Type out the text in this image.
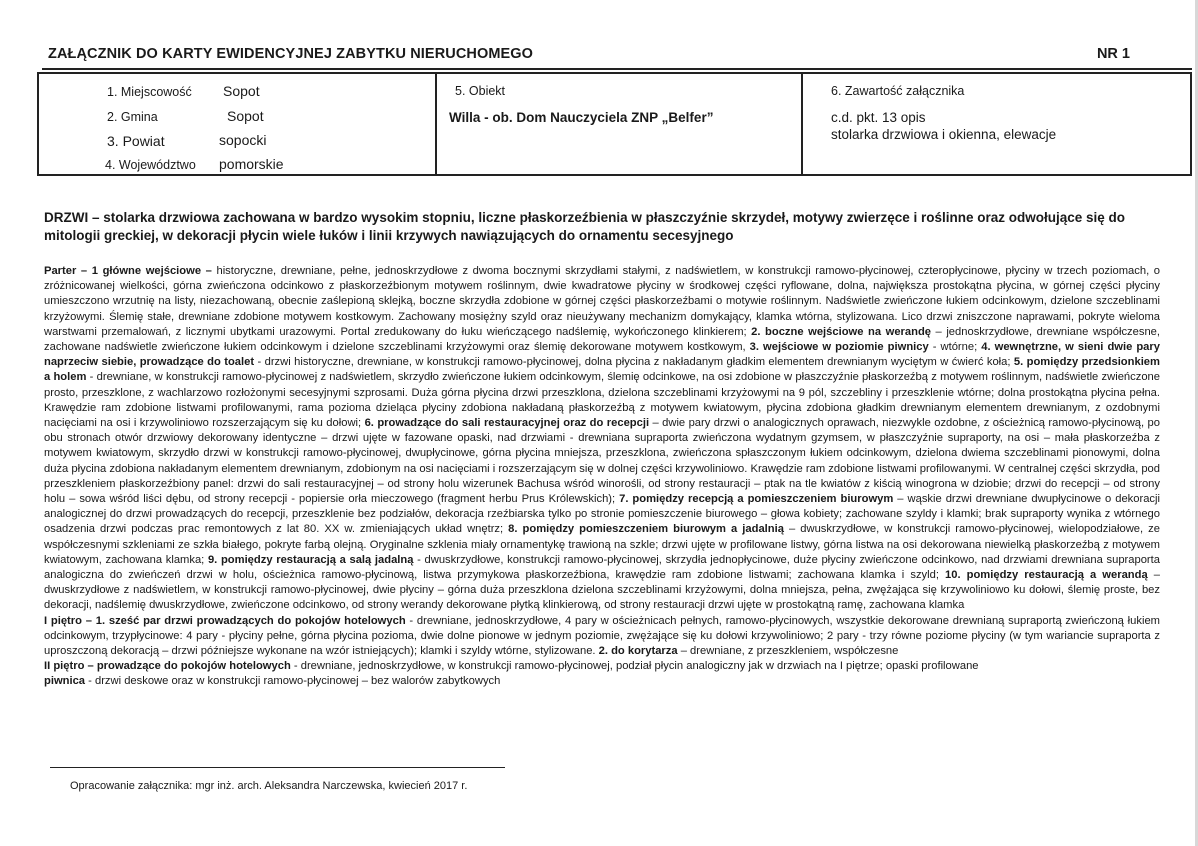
ZAŁĄCZNIK DO KARTY EWIDENCYJNEJ ZABYTKU NIERUCHOMEGO	NR 1
1. Miejscowość Sopot
2. Gmina	Sopot
3. Powiat	sopocki
4. Województwo pomorskie
5. Obiekt
Willa - ob. Dom Nauczyciela ZNP „Belfer”
6. Zawartość załącznika
c.d. pkt. 13 opis
stolarka drzwiowa i okienna, elewacje
DRZWI – stolarka drzwiowa zachowana w bardzo wysokim stopniu, liczne płaskorzeźbienia w płaszczyźnie skrzydeł, motywy zwierzęce i roślinne oraz odwołujące się do mitologii greckiej, w dekoracji płycin wiele łuków i linii krzywych nawiązujących do ornamentu secesyjnego

Parter – 1 główne wejściowe – historyczne, drewniane, pełne, jednoskrzydłowe z dwoma bocznymi skrzydłami stałymi, z nadświetlem, w konstrukcji ramowo-płycinowej, czteropłycinowe, płyciny w trzech poziomach, o zróżnicowanej wielkości, górna zwieńczona odcinkowo z płaskorzeźbionym motywem roślinnym, dwie kwadratowe płyciny w środkowej części ryflowane, dolna, największa prostokątna płycina, w górnej części płyciny umieszczono wrzutnię na listy, niezachowaną, obecnie zaślepioną sklejką, boczne skrzydła zdobione w górnej części płaskorzeźbami o motywie roślinnym. Nadświetle zwieńczone łukiem odcinkowym, dzielone szczeblinami krzyżowymi. Ślemię stałe, drewniane zdobione motywem kostkowym. Zachowany mosiężny szyld oraz nieużywany mechanizm domykający, klamka wtórna, stylizowana. Lico drzwi zniszczone naprawami, pokryte wieloma warstwami przemalowań, z licznymi ubytkami urazowymi. Portal zredukowany do łuku wieńczącego nadślemię, wykończonego klinkierem; 2. boczne wejściowe na werandę – jednoskrzydłowe, drewniane współczesne, zachowane nadświetle zwieńczone łukiem odcinkowym i dzielone szczeblinami krzyżowymi oraz ślemię dekorowane motywem kostkowym, 3. wejściowe w poziomie piwnicy - wtórne; 4. wewnętrzne, w sieni dwie pary naprzeciw siebie, prowadzące do toalet - drzwi historyczne, drewniane, w konstrukcji ramowo-płycinowej, dolna płycina z nakładanym gładkim elementem drewnianym wyciętym w ćwierć koła; 5. pomiędzy przedsionkiem a holem - drewniane, w konstrukcji ramowo-płycinowej z nadświetlem, skrzydło zwieńczone łukiem odcinkowym, ślemię odcinkowe, na osi zdobione w płaszczyźnie płaskorzeźbą z motywem roślinnym, nadświetle zwieńczone prosto, przeszklone, z wachlarzowo rozłożonymi secesyjnymi szprosami. Duża górna płycina drzwi przeszklona, dzielona szczeblinami krzyżowymi na 9 pól, szczebliny i przeszklenie wtórne; dolna prostokątna płycina pełna. Krawędzie ram zdobione listwami profilowanymi, rama pozioma dzieląca płyciny zdobiona nakładaną płaskorzeźbą z motywem kwiatowym, płycina zdobiona gładkim drewnianym elementem drewnianym, z ozdobnymi nacięciami na osi i krzywoliniowo rozszerzającym się ku dołowi; 6. prowadzące do sali restauracyjnej oraz do recepcji – dwie pary drzwi o analogicznych oprawach, niezwykle ozdobne, z ościeżnicą ramowo-płycinową, po obu stronach otwór drzwiowy dekorowany identyczne – drzwi ujęte w fazowane opaski, nad drzwiami - drewniana supraporta zwieńczona wydatnym gzymsem, w płaszczyźnie supraporty, na osi – mała płaskorzeźba z motywem kwiatowym, skrzydło drzwi w konstrukcji ramowo-płycinowej, dwupłycinowe, górna płycina mniejsza, przeszklona, zwieńczona spłaszczonym łukiem odcinkowym, dzielona dwiema szczeblinami pionowymi, dolna duża płycina zdobiona nakładanym elementem drewnianym, zdobionym na osi nacięciami i rozszerzającym się w dolnej części krzywoliniowo. Krawędzie ram zdobione listwami profilowanymi. W centralnej części skrzydła, pod przeszkleniem płaskorzeźbiony panel: drzwi do sali restauracyjnej – od strony holu wizerunek Bachusa wśród winorośli, od strony restauracji – ptak na tle kwiatów z kiścią winogrona w dziobie; drzwi do recepcji – od strony holu – sowa wśród liści dębu, od strony recepcji - popiersie orła mieczowego (fragment herbu Prus Królewskich); 7. pomiędzy recepcją a pomieszczeniem biurowym – wąskie drzwi drewniane dwupłycinowe o dekoracji analogicznej do drzwi prowadzących do recepcji, przeszklenie bez podziałów, dekoracja rzeźbiarska tylko po stronie pomieszczenie biurowego – głowa kobiety; zachowane szyldy i klamki; brak supraporty wynika z wtórnego osadzenia drzwi podczas prac remontowych z lat 80. XX w. zmieniających układ wnętrz; 8. pomiędzy pomieszczeniem biurowym a jadalnią – dwuskrzydłowe, w konstrukcji ramowo-płycinowej, wielopodziałowe, ze współczesnymi szkleniami ze szkła białego, pokryte farbą olejną. Oryginalne szklenia miały ornamentykę trawioną na szkle; drzwi ujęte w profilowane listwy, górna listwa na osi dekorowana niewielką płaskorzeźbą z motywem kwiatowym, zachowana klamka; 9. pomiędzy restauracją a salą jadalną - dwuskrzydłowe, konstrukcji ramowo-płycinowej, skrzydła jednopłycinowe, duże płyciny zwieńczone odcinkowo, nad drzwiami drewniana supraporta analogiczna do zwieńczeń drzwi w holu, ościeżnica ramowo-płycinową, listwa przymykowa płaskorzeźbiona, krawędzie ram zdobione listwami; zachowana klamka i szyld; 10. pomiędzy restauracją a werandą – dwuskrzydłowe z nadświetlem, w konstrukcji ramowo-płycinowej, dwie płyciny – górna duża przeszklona dzielona szczeblinami krzyżowymi, dolna mniejsza, pełna, zwężająca się krzywoliniowo ku dołowi, ślemię proste, bez dekoracji, nadślemię dwuskrzydłowe, zwieńczone odcinkowo, od strony werandy dekorowane płytką klinkierową, od strony restauracji drzwi ujęte w prostokątną ramę, zachowana klamka

I piętro – 1. sześć par drzwi prowadzących do pokojów hotelowych - drewniane, jednoskrzydłowe, 4 pary w ościeżnicach pełnych, ramowo-płycinowych, wszystkie dekorowane drewnianą supraportą zwieńczoną łukiem odcinkowym, trzypłycinowe: 4 pary - płyciny pełne, górna płycina pozioma, dwie dolne pionowe w jednym poziomie, zwężające się ku dołowi krzywoliniowo; 2 pary - trzy równe poziome płyciny (w tym wariancie supraporta z uproszczoną dekoracją – drzwi późniejsze wykonane na wzór istniejących); klamki i szyldy wtórne, stylizowane. 2. do korytarza – drewniane, z przeszkleniem, współczesne

II piętro – prowadzące do pokojów hotelowych - drewniane, jednoskrzydłowe, w konstrukcji ramowo-płycinowej, podział płycin analogiczny jak w drzwiach na I piętrze; opaski profilowane

piwnica - drzwi deskowe oraz w konstrukcji ramowo-płycinowej – bez walorów zabytkowych

Opracowanie załącznika: mgr inż. arch. Aleksandra Narczewska, kwiecień 2017 r.
